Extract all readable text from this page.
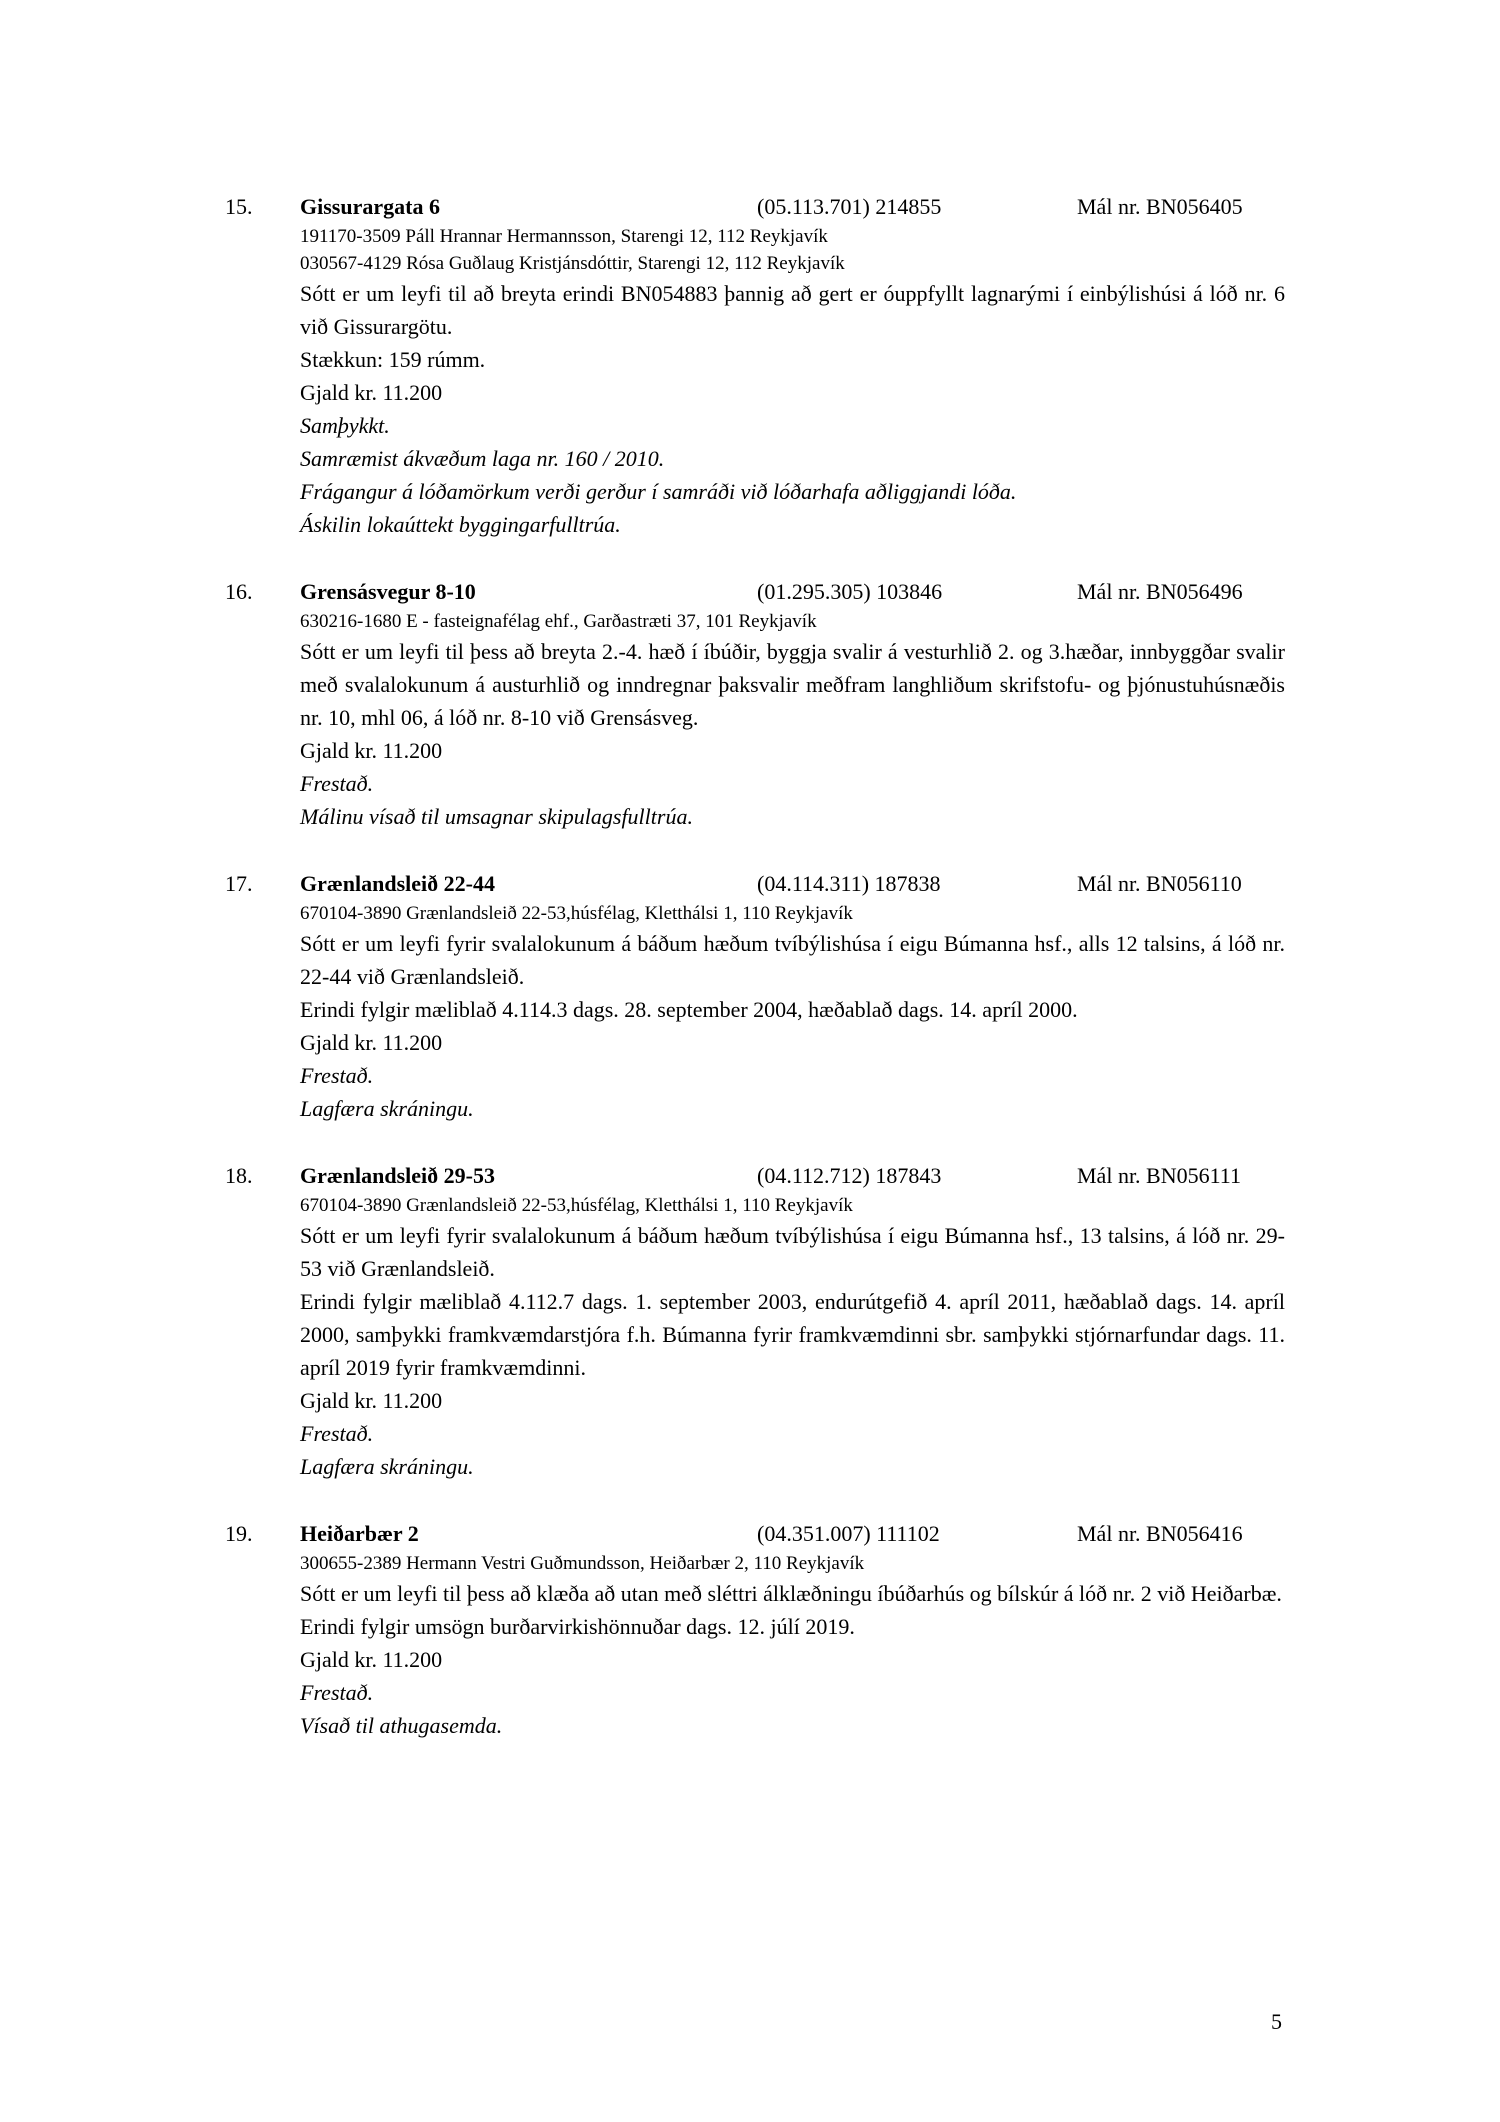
15.	Gissurargata 6	(05.113.701) 214855	Mál nr. BN056405

191170-3509 Páll Hrannar Hermannsson, Starengi 12, 112 Reykjavík

030567-4129 Rósa Guðlaug Kristjánsdóttir, Starengi 12, 112 Reykjavík

Sótt er um leyfi til að breyta erindi BN054883 þannig að gert er óuppfyllt lagnarými í einbýlishúsi á lóð nr. 6 við Gissurargötu.

Stækkun: 159 rúmm.

Gjald kr. 11.200

Samþykkt.

Samræmist ákvæðum laga nr. 160 / 2010.

Frágangur á lóðamörkum verði gerður í samráði við lóðarhafa aðliggjandi lóða.

Áskilin lokaúttekt byggingarfulltrúa.

16.	Grensásvegur 8-10	(01.295.305) 103846	Mál nr. BN056496

630216-1680 E - fasteignafélag ehf., Garðastræti 37, 101 Reykjavík

Sótt er um leyfi til þess að breyta 2.-4. hæð í íbúðir, byggja svalir á vesturhlið 2. og 3.hæðar, innbyggðar svalir með svalalokunum á austurhlið og inndregnar þaksvalir meðfram langhliðum skrifstofu- og þjónustuhúsnæðis nr. 10, mhl 06, á lóð nr. 8-10 við Grensásveg.

Gjald kr. 11.200

Frestað.

Málinu vísað til umsagnar skipulagsfulltrúa.

17.	Grænlandsleið 22-44	(04.114.311) 187838	Mál nr. BN056110

670104-3890 Grænlandsleið 22-53,húsfélag, Kletthálsi 1, 110 Reykjavík

Sótt er um leyfi fyrir svalalokunum á báðum hæðum tvíbýlishúsa í eigu Búmanna hsf., alls 12 talsins, á lóð nr. 22-44 við Grænlandsleið.

Erindi fylgir mæliblað 4.114.3 dags. 28. september 2004, hæðablað dags. 14. apríl 2000.

Gjald kr. 11.200

Frestað.

Lagfæra skráningu.

18.	Grænlandsleið 29-53	(04.112.712) 187843	Mál nr. BN056111

670104-3890 Grænlandsleið 22-53,húsfélag, Kletthálsi 1, 110 Reykjavík

Sótt er um leyfi fyrir svalalokunum á báðum hæðum tvíbýlishúsa í eigu Búmanna hsf., 13 talsins, á lóð nr. 29-53 við Grænlandsleið.

Erindi fylgir mæliblað 4.112.7 dags. 1. september 2003, endurútgefið 4. apríl 2011, hæðablað dags. 14. apríl 2000, samþykki framkvæmdarstjóra f.h. Búmanna fyrir framkvæmdinni sbr. samþykki stjórnarfundar dags. 11. apríl 2019 fyrir framkvæmdinni.

Gjald kr. 11.200

Frestað.

Lagfæra skráningu.

19.	Heiðarbær 2	(04.351.007) 111102	Mál nr. BN056416

300655-2389 Hermann Vestri Guðmundsson, Heiðarbær 2, 110 Reykjavík

Sótt er um leyfi til þess að klæða að utan með sléttri álklæðningu íbúðarhús og bílskúr á lóð nr. 2 við Heiðarbæ.

Erindi fylgir umsögn burðarvirkishönnuðar dags. 12. júlí 2019.

Gjald kr. 11.200

Frestað.

Vísað til athugasemda.

5
